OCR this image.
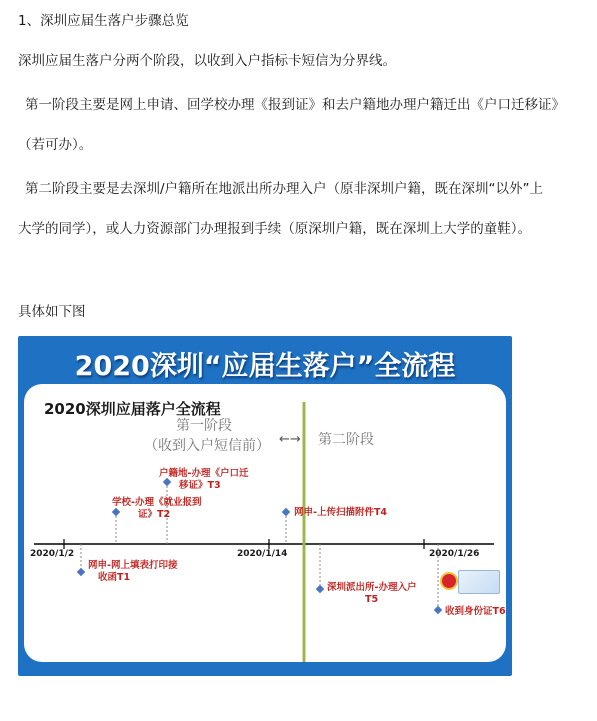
1、深圳应届生落户步骤总览
深圳应届生落户分两个阶段，以收到入户指标卡短信为分界线。
第一阶段主要是网上申请、回学校办理《报到证》和去户籍地办理户籍迁出《户口迁移证》
（若可办）。
第二阶段主要是去深圳/户籍所在地派出所办理入户（原非深圳户籍，既在深圳“以外”上
大学的同学），或人力资源部门办理报到手续（原深圳户籍，既在深圳上大学的童鞋）。
具体如下图
2020深圳“应届生落户”全流程
2020深圳应届落户全流程
第一阶段
（收到入户短信前） ←→ 第二阶段
2020/1/2	2020/1/14	2020/1/26
网申-网上填表打印接
收函T1
学校-办理《就业报到
证》T2
户籍地-办理《户口迁
移证》T3
网申-上传扫描附件T4
深圳派出所-办理入户
T5
收到身份证T6
